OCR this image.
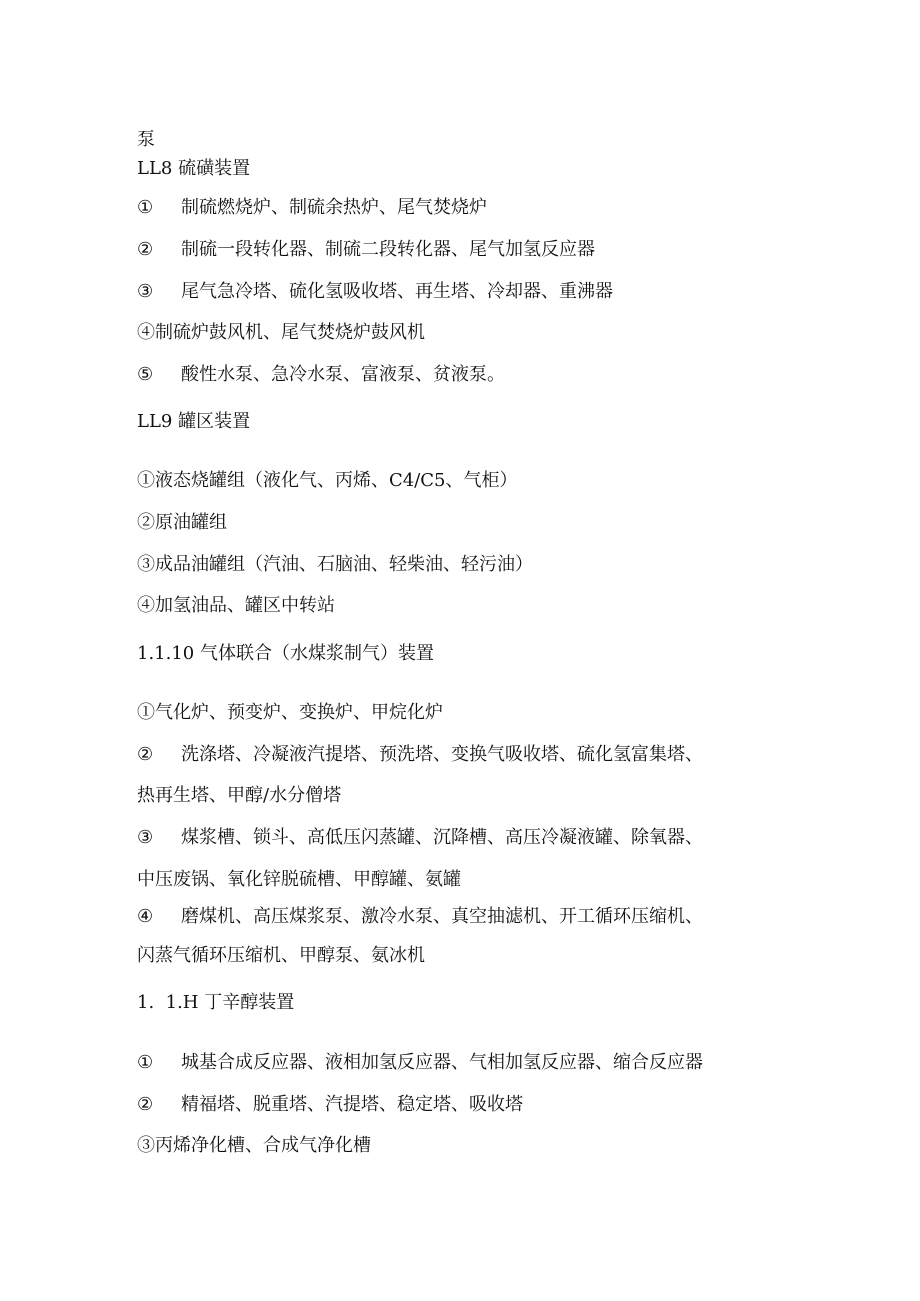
泵
LL8 硫磺装置
① 制硫燃烧炉、制硫余热炉、尾气焚烧炉
② 制硫一段转化器、制硫二段转化器、尾气加氢反应器
③ 尾气急冷塔、硫化氢吸收塔、再生塔、冷却器、重沸器
④制硫炉鼓风机、尾气焚烧炉鼓风机
⑤ 酸性水泵、急冷水泵、富液泵、贫液泵。
LL9 罐区装置
①液态烧罐组（液化气、丙烯、C4/C5、气柜）
②原油罐组
③成品油罐组（汽油、石脑油、轻柴油、轻污油）
④加氢油品、罐区中转站
1.1.10 气体联合（水煤浆制气）装置
①气化炉、预变炉、变换炉、甲烷化炉
② 洗涤塔、冷凝液汽提塔、预洗塔、变换气吸收塔、硫化氢富集塔、
热再生塔、甲醇/水分僧塔
③ 煤浆槽、锁斗、高低压闪蒸罐、沉降槽、高压冷凝液罐、除氧器、
中压废锅、氧化锌脱硫槽、甲醇罐、氨罐
④ 磨煤机、高压煤浆泵、激冷水泵、真空抽滤机、开工循环压缩机、
闪蒸气循环压缩机、甲醇泵、氨冰机
1.  1.H 丁辛醇装置
① 城基合成反应器、液相加氢反应器、气相加氢反应器、缩合反应器
② 精福塔、脱重塔、汽提塔、稳定塔、吸收塔
③丙烯净化槽、合成气净化槽
